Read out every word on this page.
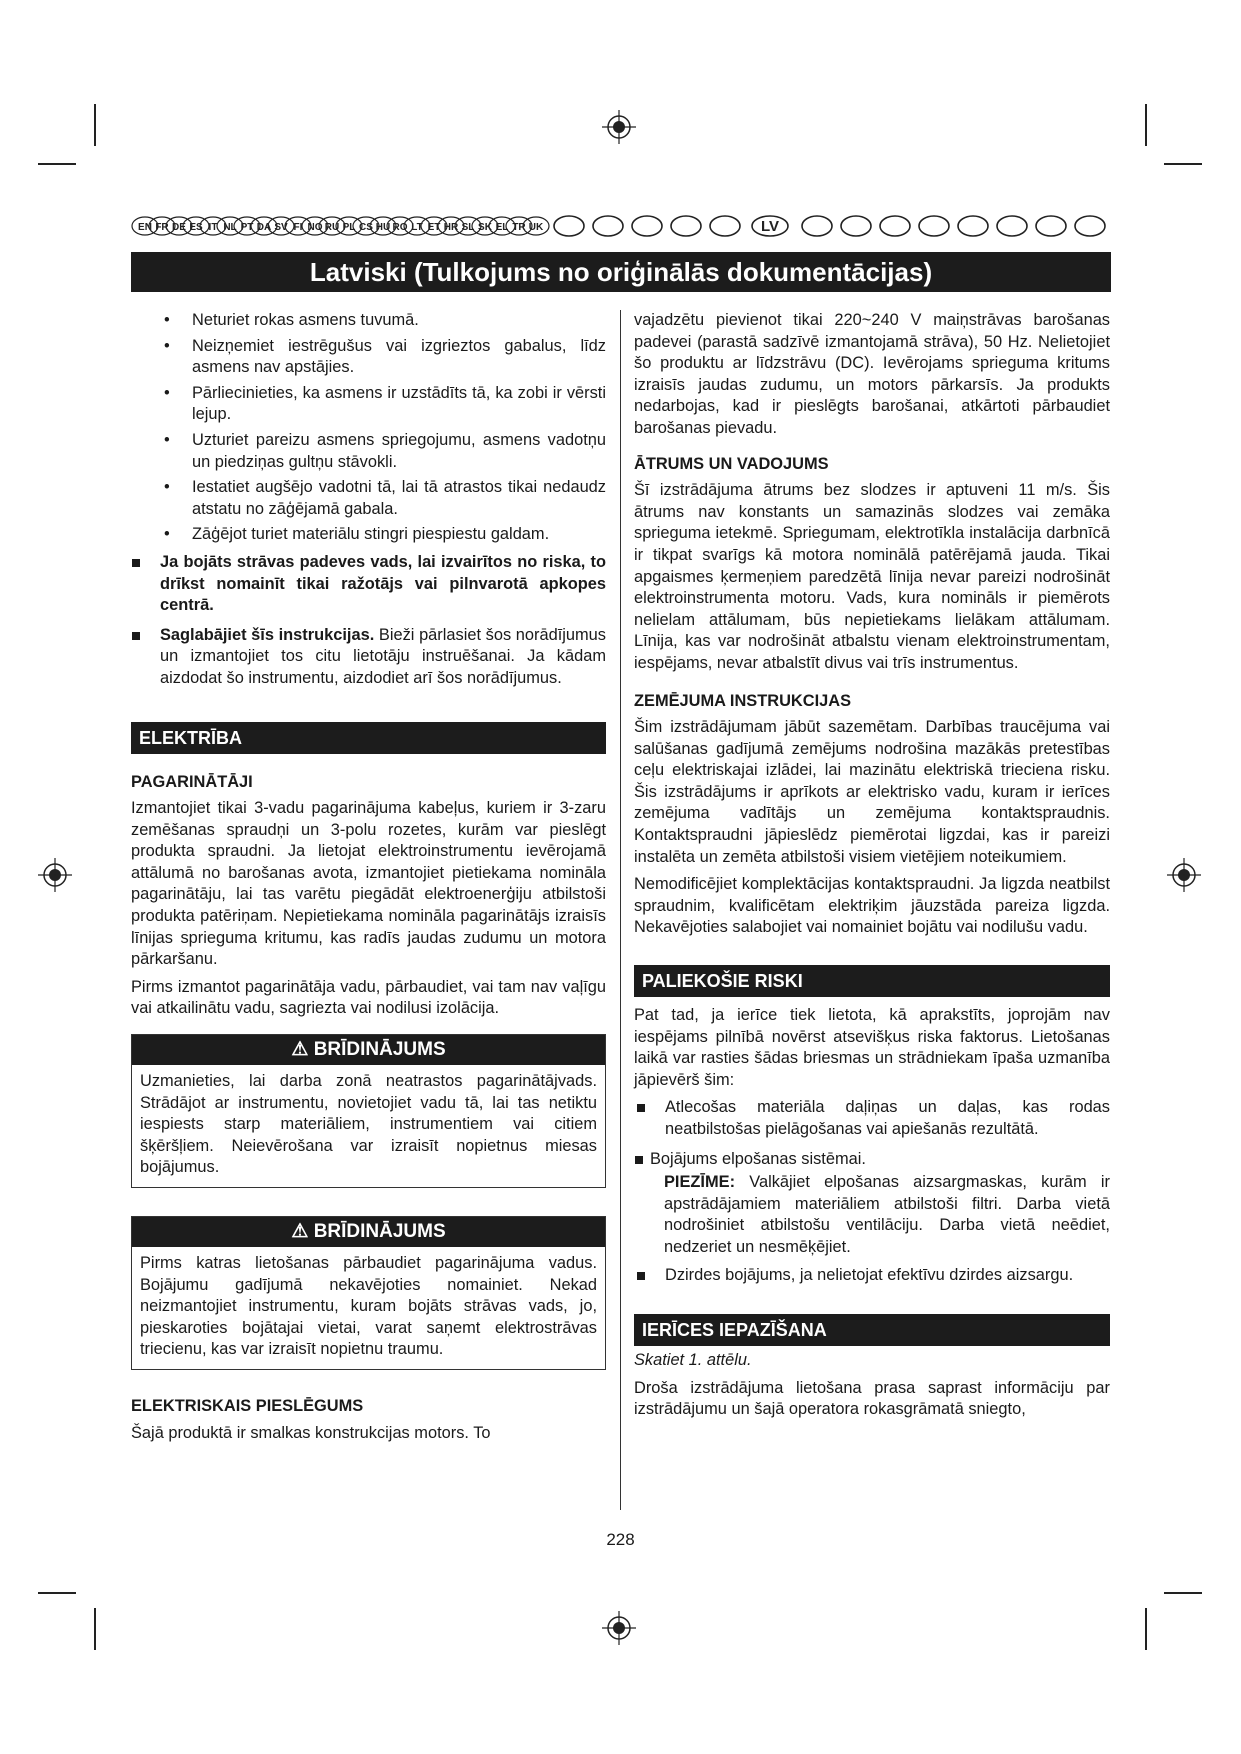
EN FR DE ES IT NL PT DA SV FI NO RU PL CS HU RO LT ET HR SL SK EL TR UK	LV
Latviski (Tulkojums no oriģinālās dokumentācijas)
• Neturiet rokas asmens tuvumā.
• Neizņemiet iestrēgušus vai izgrieztos gabalus, līdz asmens nav apstājies.
• Pārliecinieties, ka asmens ir uzstādīts tā, ka zobi ir vērsti lejup.
• Uzturiet pareizu asmens spriegojumu, asmens vadotņu un piedziņas gultņu stāvokli.
• Iestatiet augšējo vadotni tā, lai tā atrastos tikai nedaudz atstatu no zāģējamā gabala.
• Zāģējot turiet materiālu stingri piespiestu galdam.
Ja bojāts strāvas padeves vads, lai izvairītos no riska, to drīkst nomainīt tikai ražotājs vai pilnvarotā apkopes centrā.
Saglabājiet šīs instrukcijas. Bieži pārlasiet šos norādījumus un izmantojiet tos citu lietotāju instruēšanai. Ja kādam aizdodat šo instrumentu, aizdodiet arī šos norādījumus.
ELEKTRĪBA
PAGARINĀTĀJI

Izmantojiet tikai 3-vadu pagarinājuma kabeļus, kuriem ir 3-zaru zemēšanas spraudņi un 3-polu rozetes, kurām var pieslēgt produkta spraudni. Ja lietojat elektroinstrumentu ievērojamā attālumā no barošanas avota, izmantojiet pietiekama nomināla pagarinātāju, lai tas varētu piegādāt elektroenerģiju atbilstoši produkta patēriņam. Nepietiekama nomināla pagarinātājs izraisīs līnijas sprieguma kritumu, kas radīs jaudas zudumu un motora pārkaršanu.

Pirms izmantot pagarinātāja vadu, pārbaudiet, vai tam nav vaļīgu vai atkailinātu vadu, sagriezta vai nodilusi izolācija.

⚠ BRĪDINĀJUMS

Uzmanieties, lai darba zonā neatrastos pagarinātājvads. Strādājot ar instrumentu, novietojiet vadu tā, lai tas netiktu iespiests starp materiāliem, instrumentiem vai citiem šķēršļiem. Neievērošana var izraisīt nopietnus miesas bojājumus.

⚠ BRĪDINĀJUMS

Pirms katras lietošanas pārbaudiet pagarinājuma vadus. Bojājumu gadījumā nekavējoties nomainiet. Nekad neizmantojiet instrumentu, kuram bojāts strāvas vads, jo, pieskaroties bojātajai vietai, varat saņemt elektrostrāvas triecienu, kas var izraisīt nopietnu traumu.

ELEKTRISKAIS PIESLĒGUMS

Šajā produktā ir smalkas konstrukcijas motors. To

vajadzētu pievienot tikai 220~240 V maiņstrāvas barošanas padevei (parastā sadzīvē izmantojamā strāva), 50 Hz. Nelietojiet šo produktu ar līdzstrāvu (DC). Ievērojams sprieguma kritums izraisīs jaudas zudumu, un motors pārkarsīs. Ja produkts nedarbojas, kad ir pieslēgts barošanai, atkārtoti pārbaudiet barošanas pievadu.

ĀTRUMS UN VADOJUMS

Šī izstrādājuma ātrums bez slodzes ir aptuveni 11 m/s. Šis ātrums nav konstants un samazinās slodzes vai zemāka sprieguma ietekmē. Spriegumam, elektrotīkla instalācija darbnīcā ir tikpat svarīgs kā motora nominālā patērējamā jauda. Tikai apgaismes ķermeņiem paredzētā līnija nevar pareizi nodrošināt elektroinstrumenta motoru. Vads, kura nomināls ir piemērots nelielam attālumam, būs nepietiekams lielākam attālumam. Līnija, kas var nodrošināt atbalstu vienam elektroinstrumentam, iespējams, nevar atbalstīt divus vai trīs instrumentus.

ZEMĒJUMA INSTRUKCIJAS

Šim izstrādājumam jābūt sazemētam. Darbības traucējuma vai salūšanas gadījumā zemējums nodrošina mazākās pretestības ceļu elektriskajai izlādei, lai mazinātu elektriskā trieciena risku. Šis izstrādājums ir aprīkots ar elektrisko vadu, kuram ir ierīces zemējuma vadītājs un zemējuma kontaktspraudnis. Kontaktspraudni jāpieslēdz piemērotai ligzdai, kas ir pareizi instalēta un zemēta atbilstoši visiem vietējiem noteikumiem.

Nemodificējiet komplektācijas kontaktspraudni. Ja ligzda neatbilst spraudnim, kvalificētam elektriķim jāuzstāda pareiza ligzda. Nekavējoties salabojiet vai nomainiet bojātu vai nodilušu vadu.

PALIEKOŠIE RISKI

Pat tad, ja ierīce tiek lietota, kā aprakstīts, joprojām nav iespējams pilnībā novērst atsevišķus riska faktorus. Lietošanas laikā var rasties šādas briesmas un strādniekam īpaša uzmanība jāpievērš šim:

Atlecošas materiāla daļiņas un daļas, kas rodas neatbilstošas pielāgošanas vai apiešanās rezultātā.
Bojājums elpošanas sistēmai.

PIEZĪME: Valkājiet elpošanas aizsargmaskas, kurām ir apstrādājamiem materiāliem atbilstoši filtri. Darba vietā nodrošiniet atbilstošu ventilāciju. Darba vietā neēdiet, nedzeriet un nesmēķējiet.

Dzirdes bojājums, ja nelietojat efektīvu dzirdes aizsargu.
IERĪCES IEPAZĪŠANA

Skatiet 1. attēlu.

Droša izstrādājuma lietošana prasa saprast informāciju par izstrādājumu un šajā operatora rokasgrāmatā sniegto,

228
